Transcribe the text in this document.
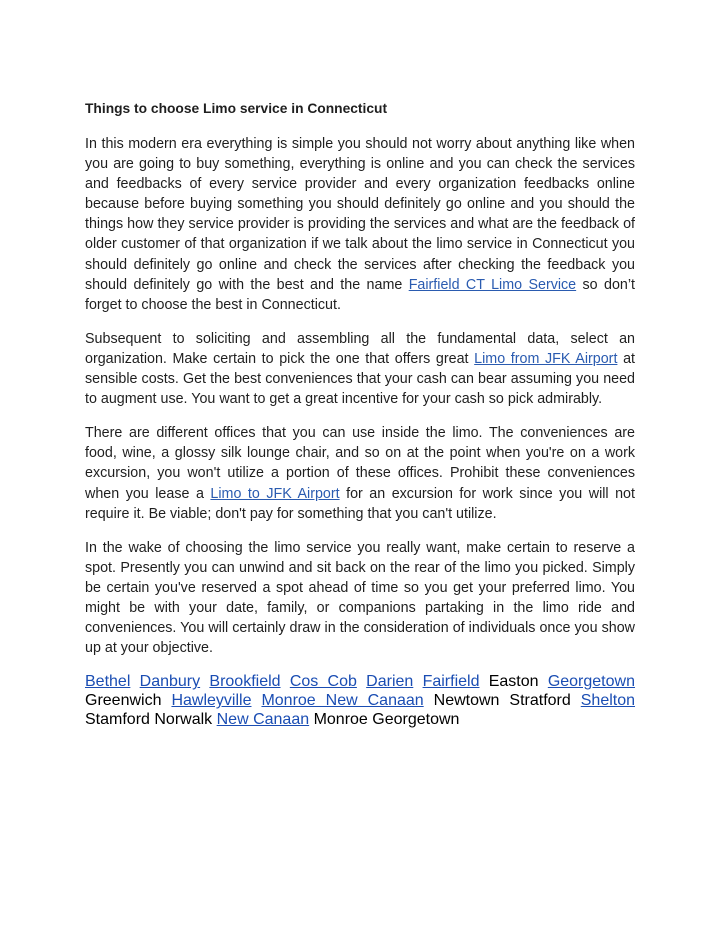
Things to choose Limo service in Connecticut

In this modern era everything is simple you should not worry about anything like when you are going to buy something, everything is online and you can check the services and feedbacks of every service provider and every organization feedbacks online because before buying something you should definitely go online and you should the things how they service provider is providing the services and what are the feedback of older customer of that organization if we talk about the limo service in Connecticut you should definitely go online and check the services after checking the feedback you should definitely go with the best and the name Fairfield CT Limo Service so don’t forget to choose the best in Connecticut.

Subsequent to soliciting and assembling all the fundamental data, select an organization. Make certain to pick the one that offers great Limo from JFK Airport at sensible costs. Get the best conveniences that your cash can bear assuming you need to augment use. You want to get a great incentive for your cash so pick admirably.

There are different offices that you can use inside the limo. The conveniences are food, wine, a glossy silk lounge chair, and so on at the point when you're on a work excursion, you won't utilize a portion of these offices. Prohibit these conveniences when you lease a Limo to JFK Airport for an excursion for work since you will not require it. Be viable; don't pay for something that you can't utilize.

In the wake of choosing the limo service you really want, make certain to reserve a spot. Presently you can unwind and sit back on the rear of the limo you picked. Simply be certain you've reserved a spot ahead of time so you get your preferred limo. You might be with your date, family, or companions partaking in the limo ride and conveniences. You will certainly draw in the consideration of individuals once you show up at your objective.

Bethel Danbury Brookfield Cos Cob Darien Fairfield Easton Georgetown Greenwich Hawleyville Monroe New Canaan Newtown Stratford Shelton Stamford Norwalk New Canaan Monroe Georgetown
